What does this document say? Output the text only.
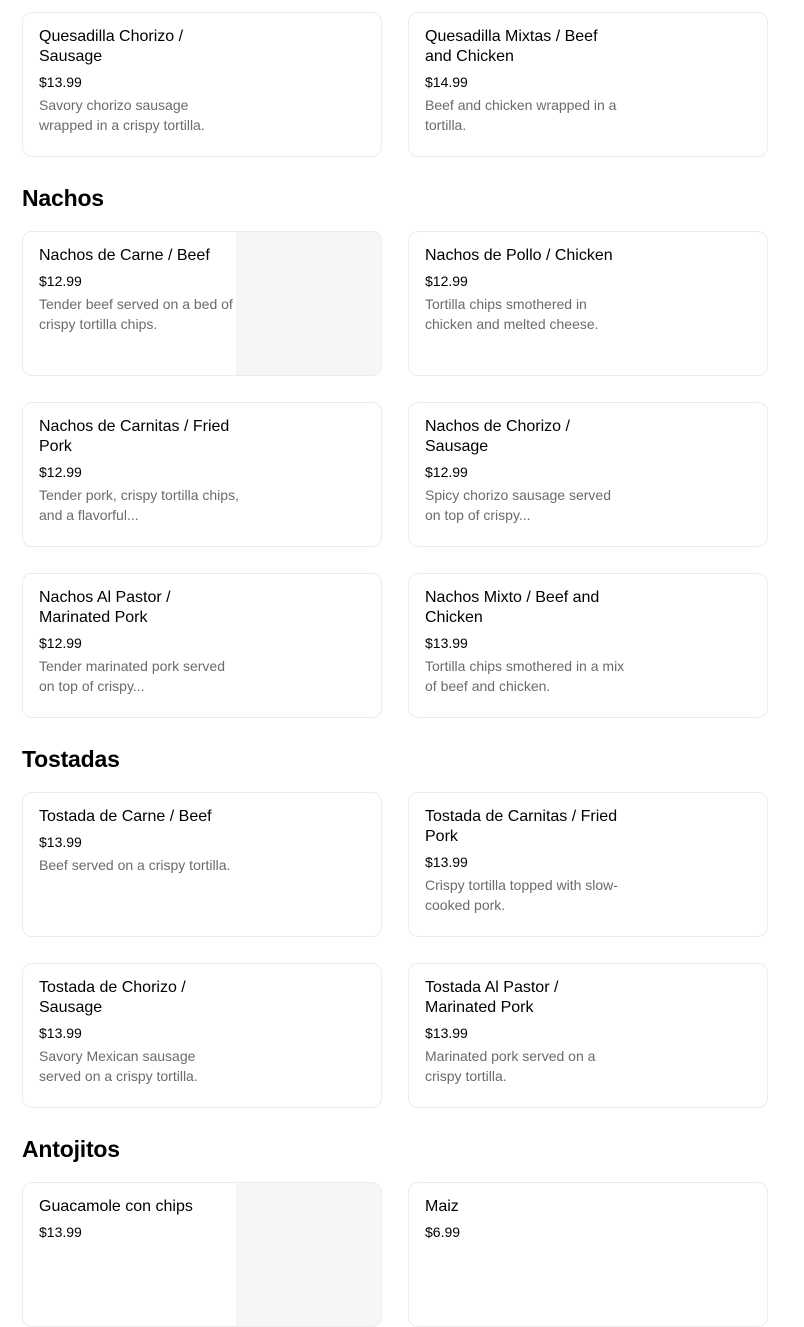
Quesadilla Chorizo / Sausage
$13.99
Savory chorizo sausage wrapped in a crispy tortilla.
Quesadilla Mixtas / Beef and Chicken
$14.99
Beef and chicken wrapped in a tortilla.
Nachos
Nachos de Carne / Beef
$12.99
Tender beef served on a bed of crispy tortilla chips.
Nachos de Pollo / Chicken
$12.99
Tortilla chips smothered in chicken and melted cheese.
Nachos de Carnitas / Fried Pork
$12.99
Tender pork, crispy tortilla chips, and a flavorful...
Nachos de Chorizo / Sausage
$12.99
Spicy chorizo sausage served on top of crispy...
Nachos Al Pastor / Marinated Pork
$12.99
Tender marinated pork served on top of crispy...
Nachos Mixto / Beef and Chicken
$13.99
Tortilla chips smothered in a mix of beef and chicken.
Tostadas
Tostada de Carne / Beef
$13.99
Beef served on a crispy tortilla.
Tostada de Carnitas / Fried Pork
$13.99
Crispy tortilla topped with slow-cooked pork.
Tostada de Chorizo / Sausage
$13.99
Savory Mexican sausage served on a crispy tortilla.
Tostada Al Pastor / Marinated Pork
$13.99
Marinated pork served on a crispy tortilla.
Antojitos
Guacamole con chips
$13.99
Maiz
$6.99
